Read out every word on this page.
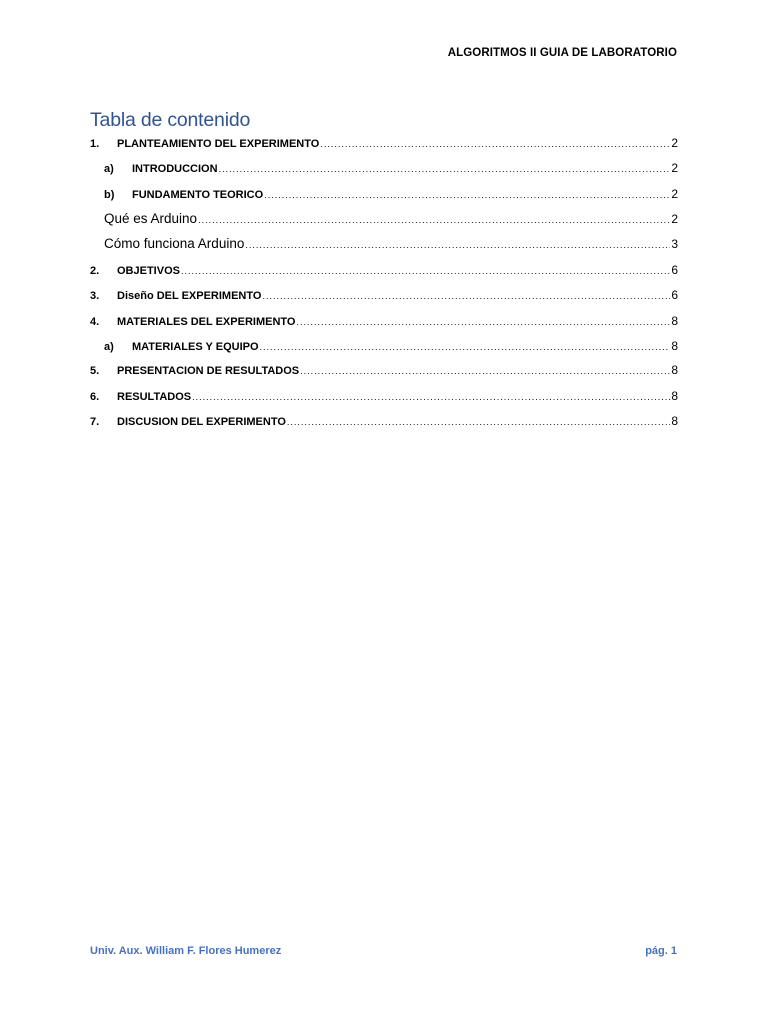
ALGORITMOS II GUIA DE LABORATORIO
Tabla de contenido
1.	PLANTEAMIENTO DEL EXPERIMENTO .....	2
a)	INTRODUCCION .....	2
b)	FUNDAMENTO TEORICO .....	2
Qué es Arduino .....	2
Cómo funciona Arduino .....	3
2.	OBJETIVOS .....	6
3.	Diseño DEL EXPERIMENTO .....	6
4.	MATERIALES DEL EXPERIMENTO .....	8
a)	MATERIALES Y EQUIPO .....	8
5.	PRESENTACION DE RESULTADOS .....	8
6.	RESULTADOS .....	8
7.	DISCUSION DEL EXPERIMENTO .....	8
Univ. Aux. William F. Flores Humerez	pág. 1
